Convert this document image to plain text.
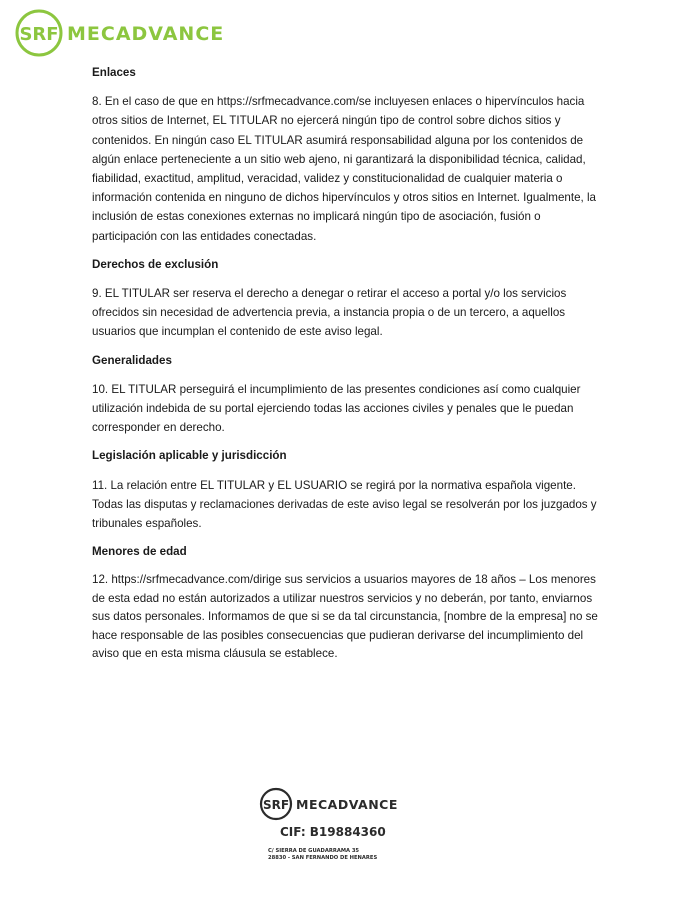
SRF MECADVANCE
Enlaces

8. En el caso de que en https://srfmecadvance.com/se incluyesen enlaces o hipervínculos hacia otros sitios de Internet, EL TITULAR no ejercerá ningún tipo de control sobre dichos sitios y contenidos. En ningún caso EL TITULAR asumirá responsabilidad alguna por los contenidos de algún enlace perteneciente a un sitio web ajeno, ni garantizará la disponibilidad técnica, calidad, fiabilidad, exactitud, amplitud, veracidad, validez y constitucionalidad de cualquier materia o información contenida en ninguno de dichos hipervínculos y otros sitios en Internet. Igualmente, la inclusión de estas conexiones externas no implicará ningún tipo de asociación, fusión o participación con las entidades conectadas.

Derechos de exclusión

9. EL TITULAR ser reserva el derecho a denegar o retirar el acceso a portal y/o los servicios ofrecidos sin necesidad de advertencia previa, a instancia propia o de un tercero, a aquellos usuarios que incumplan el contenido de este aviso legal.

Generalidades

10. EL TITULAR perseguirá el incumplimiento de las presentes condiciones así como cualquier utilización indebida de su portal ejerciendo todas las acciones civiles y penales que le puedan corresponder en derecho.

Legislación aplicable y jurisdicción

11. La relación entre EL TITULAR y EL USUARIO se regirá por la normativa española vigente. Todas las disputas y reclamaciones derivadas de este aviso legal se resolverán por los juzgados y tribunales españoles.

Menores de edad

12. https://srfmecadvance.com/dirige sus servicios a usuarios mayores de 18 años – Los menores de esta edad no están autorizados a utilizar nuestros servicios y no deberán, por tanto, enviarnos sus datos personales. Informamos de que si se da tal circunstancia, [nombre de la empresa] no se hace responsable de las posibles consecuencias que pudieran derivarse del incumplimiento del aviso que en esta misma cláusula se establece.

SRF MECADVANCE
CIF: B19884360
C/ SIERRA DE GUADARRAMA 35
28830 - SAN FERNANDO DE HENARES
